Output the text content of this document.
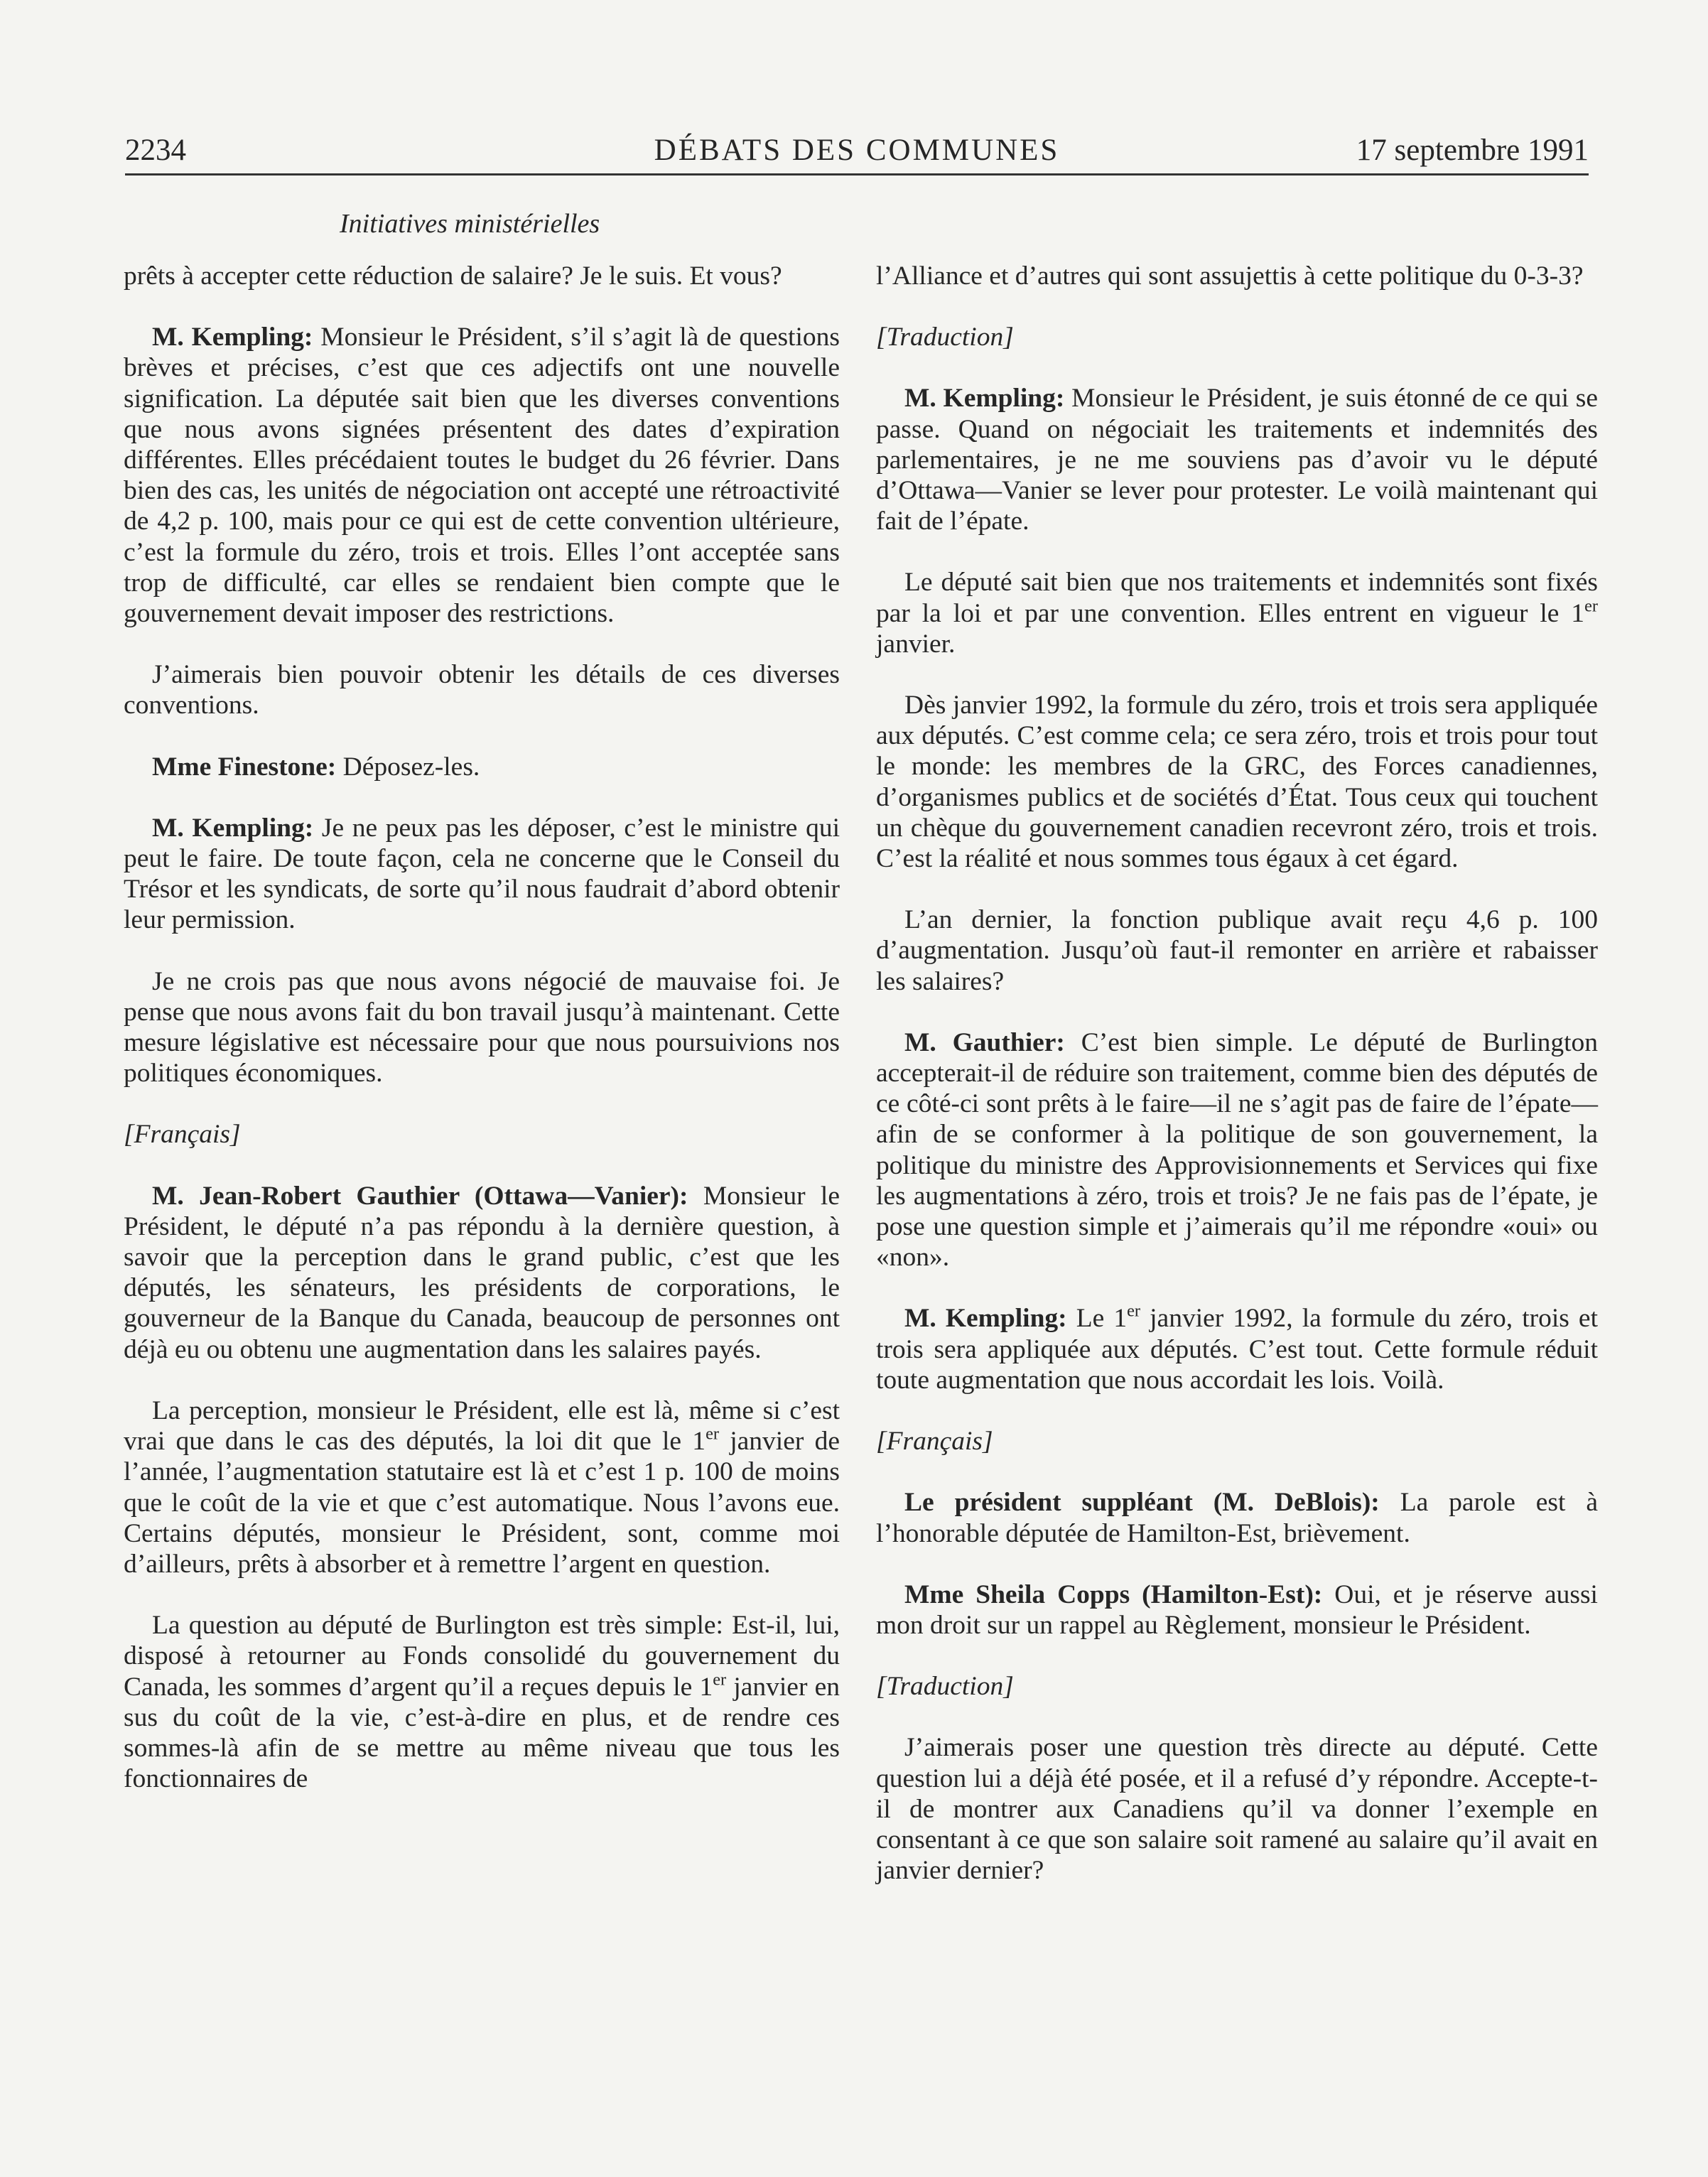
2234	DÉBATS DES COMMUNES	17 septembre 1991
Initiatives ministérielles

prêts à accepter cette réduction de salaire? Je le suis. Et vous?

M. Kempling: Monsieur le Président, s’il s’agit là de questions brèves et précises, c’est que ces adjectifs ont une nouvelle signification. La députée sait bien que les diverses conventions que nous avons signées présentent des dates d’expiration différentes. Elles précédaient toutes le budget du 26 février. Dans bien des cas, les unités de négociation ont accepté une rétroactivité de 4,2 p. 100, mais pour ce qui est de cette convention ultérieure, c’est la formule du zéro, trois et trois. Elles l’ont acceptée sans trop de difficulté, car elles se rendaient bien compte que le gouvernement devait imposer des restrictions.

J’aimerais bien pouvoir obtenir les détails de ces diverses conventions.

Mme Finestone: Déposez-les.

M. Kempling: Je ne peux pas les déposer, c’est le ministre qui peut le faire. De toute façon, cela ne concerne que le Conseil du Trésor et les syndicats, de sorte qu’il nous faudrait d’abord obtenir leur permission.

Je ne crois pas que nous avons négocié de mauvaise foi. Je pense que nous avons fait du bon travail jusqu’à maintenant. Cette mesure législative est nécessaire pour que nous poursuivions nos politiques économiques.

[Français]

M. Jean-Robert Gauthier (Ottawa—Vanier): Monsieur le Président, le député n’a pas répondu à la dernière question, à savoir que la perception dans le grand public, c’est que les députés, les sénateurs, les présidents de corporations, le gouverneur de la Banque du Canada, beaucoup de personnes ont déjà eu ou obtenu une augmentation dans les salaires payés.

La perception, monsieur le Président, elle est là, même si c’est vrai que dans le cas des députés, la loi dit que le 1er janvier de l’année, l’augmentation statutaire est là et c’est 1 p. 100 de moins que le coût de la vie et que c’est automatique. Nous l’avons eue. Certains députés, monsieur le Président, sont, comme moi d’ailleurs, prêts à absorber et à remettre l’argent en question.

La question au député de Burlington est très simple: Est-il, lui, disposé à retourner au Fonds consolidé du gouvernement du Canada, les sommes d’argent qu’il a reçues depuis le 1er janvier en sus du coût de la vie, c’est-à-dire en plus, et de rendre ces sommes-là afin de se mettre au même niveau que tous les fonctionnaires de

l’Alliance et d’autres qui sont assujettis à cette politique du 0-3-3?

[Traduction]

M. Kempling: Monsieur le Président, je suis étonné de ce qui se passe. Quand on négociait les traitements et indemnités des parlementaires, je ne me souviens pas d’avoir vu le député d’Ottawa—Vanier se lever pour protester. Le voilà maintenant qui fait de l’épate.

Le député sait bien que nos traitements et indemnités sont fixés par la loi et par une convention. Elles entrent en vigueur le 1er janvier.

Dès janvier 1992, la formule du zéro, trois et trois sera appliquée aux députés. C’est comme cela; ce sera zéro, trois et trois pour tout le monde: les membres de la GRC, des Forces canadiennes, d’organismes publics et de sociétés d’État. Tous ceux qui touchent un chèque du gouvernement canadien recevront zéro, trois et trois. C’est la réalité et nous sommes tous égaux à cet égard.

L’an dernier, la fonction publique avait reçu 4,6 p. 100 d’augmentation. Jusqu’où faut-il remonter en arrière et rabaisser les salaires?

M. Gauthier: C’est bien simple. Le député de Burlington accepterait-il de réduire son traitement, comme bien des députés de ce côté-ci sont prêts à le faire—il ne s’agit pas de faire de l’épate—afin de se conformer à la politique de son gouvernement, la politique du ministre des Approvisionnements et Services qui fixe les augmentations à zéro, trois et trois? Je ne fais pas de l’épate, je pose une question simple et j’aimerais qu’il me répondre «oui» ou «non».

M. Kempling: Le 1er janvier 1992, la formule du zéro, trois et trois sera appliquée aux députés. C’est tout. Cette formule réduit toute augmentation que nous accordait les lois. Voilà.

[Français]

Le président suppléant (M. DeBlois): La parole est à l’honorable députée de Hamilton-Est, brièvement.

Mme Sheila Copps (Hamilton-Est): Oui, et je réserve aussi mon droit sur un rappel au Règlement, monsieur le Président.

[Traduction]

J’aimerais poser une question très directe au député. Cette question lui a déjà été posée, et il a refusé d’y répondre. Accepte-t-il de montrer aux Canadiens qu’il va donner l’exemple en consentant à ce que son salaire soit ramené au salaire qu’il avait en janvier dernier?
